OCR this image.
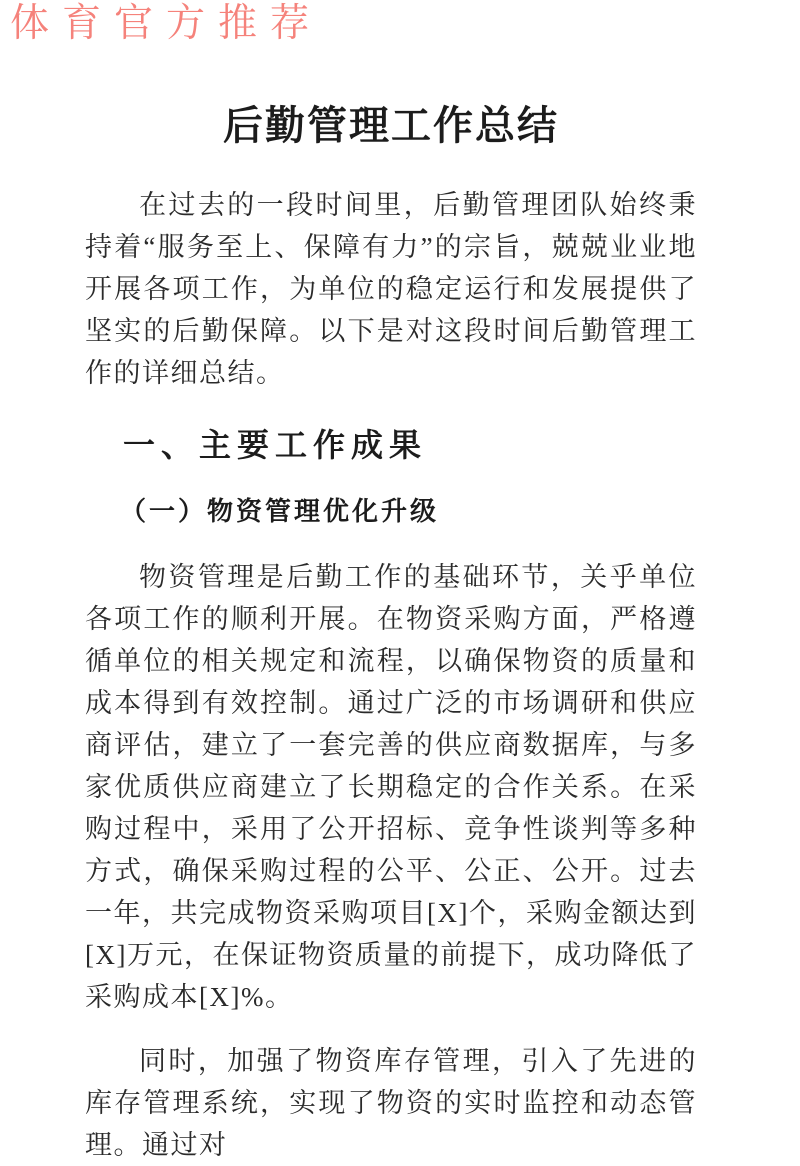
体育官方推荐
后勤管理工作总结

在过去的一段时间里，后勤管理团队始终秉持着“服务至上、保障有力”的宗旨，兢兢业业地开展各项工作，为单位的稳定运行和发展提供了坚实的后勤保障。以下是对这段时间后勤管理工作的详细总结。

一、主要工作成果
（一）物资管理优化升级

物资管理是后勤工作的基础环节，关乎单位各项工作的顺利开展。在物资采购方面，严格遵循单位的相关规定和流程，以确保物资的质量和成本得到有效控制。通过广泛的市场调研和供应商评估，建立了一套完善的供应商数据库，与多家优质供应商建立了长期稳定的合作关系。在采购过程中，采用了公开招标、竞争性谈判等多种方式，确保采购过程的公平、公正、公开。过去一年，共完成物资采购项目[X]个，采购金额达到[X]万元，在保证物资质量的前提下，成功降低了采购成本[X]%。

同时，加强了物资库存管理，引入了先进的库存管理系统，实现了物资的实时监控和动态管理。通过对
